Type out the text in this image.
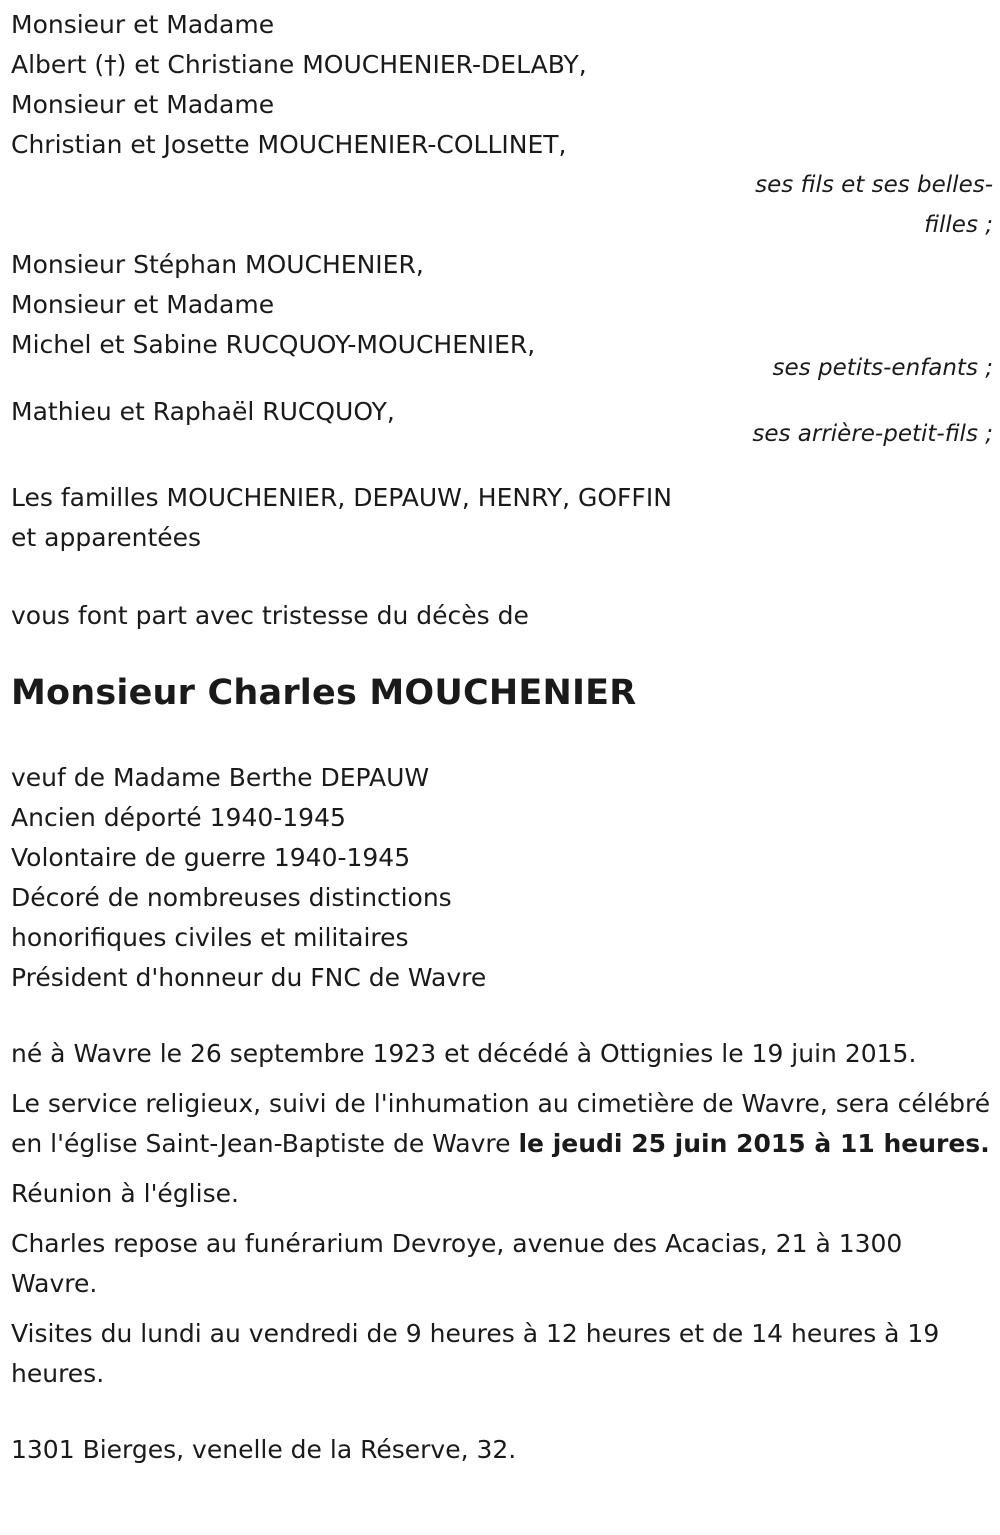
Monsieur et Madame

Albert (†) et Christiane MOUCHENIER-DELABY,

Monsieur et Madame

Christian et Josette MOUCHENIER-COLLINET,

ses fils et ses belles-filles ;

Monsieur Stéphan MOUCHENIER,

Monsieur et Madame

Michel et Sabine RUCQUOY-MOUCHENIER,

ses petits-enfants ;

Mathieu et Raphaël RUCQUOY,

ses arrière-petit-fils ;

Les familles MOUCHENIER, DEPAUW, HENRY, GOFFIN

et apparentées

vous font part avec tristesse du décès de

Monsieur Charles MOUCHENIER

veuf de Madame Berthe DEPAUW

Ancien déporté 1940-1945

Volontaire de guerre 1940-1945

Décoré de nombreuses distinctions

honorifiques civiles et militaires

Président d'honneur du FNC de Wavre

né à Wavre le 26 septembre 1923 et décédé à Ottignies le 19 juin 2015.

Le service religieux, suivi de l'inhumation au cimetière de Wavre, sera célébré en l'église Saint-Jean-Baptiste de Wavre le jeudi 25 juin 2015 à 11 heures.

Réunion à l'église.

Charles repose au funérarium Devroye, avenue des Acacias, 21 à 1300 Wavre.

Visites du lundi au vendredi de 9 heures à 12 heures et de 14 heures à 19 heures.

1301 Bierges, venelle de la Réserve, 32.
